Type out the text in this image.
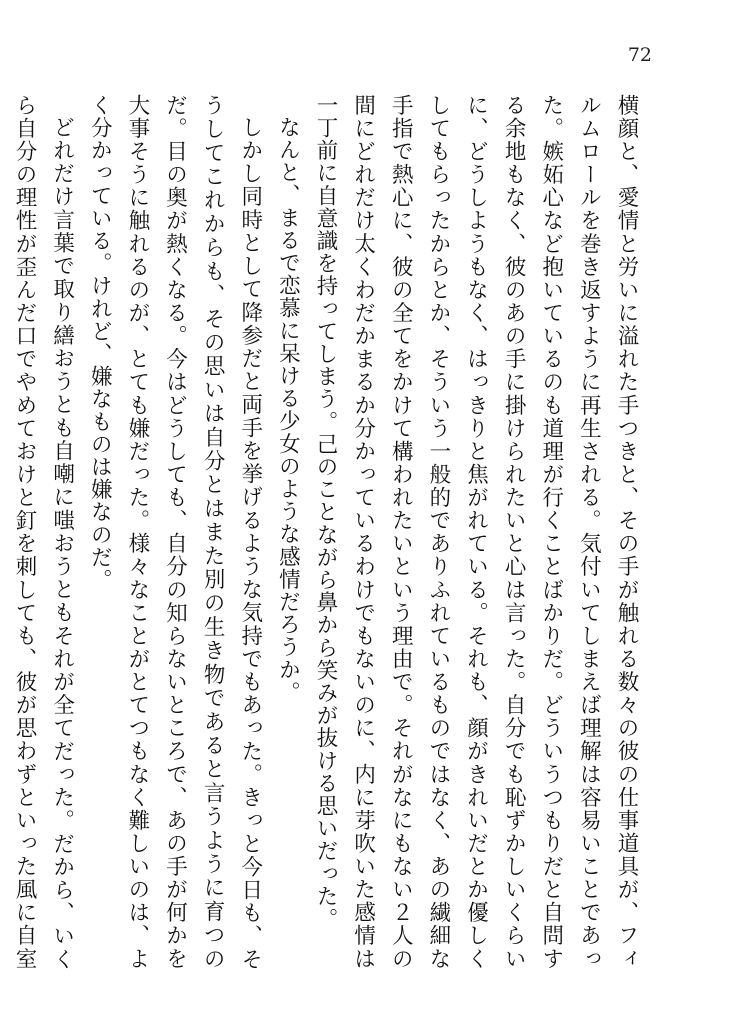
72

横顔と、愛情と労いに溢れた手つきと、その手が触れる数々の彼の仕事道具が、フィルムロールを巻き返すように再生される。気付いてしまえば理解は容易いことであった。嫉妬心など抱いているのも道理が行くことばかりだ。どういうつもりだと自問する余地もなく、彼のあの手に掛けられたいと心は言った。自分でも恥ずかしいくらいに、どうしようもなく、はっきりと焦がれている。それも、顔がきれいだとか優しくしてもらったからとか、そういう一般的でありふれているものではなく、あの繊細な手指で熱心に、彼の全てをかけて構われたいという理由で。それがなにもない２人の間にどれだけ太くわだかまるか分かっているわけでもないのに、内に芽吹いた感情は一丁前に自意識を持ってしまう。己のことながら鼻から笑みが抜ける思いだった。

なんと、まるで恋慕に呆ける少女のような感情だろうか。

しかし同時として降参だと両手を挙げるような気持でもあった。きっと今日も、そうしてこれからも、その思いは自分とはまた別の生き物であると言うように育つのだ。目の奥が熱くなる。今はどうしても、自分の知らないところで、あの手が何かを大事そうに触れるのが、とても嫌だった。様々なことがとてつもなく難しいのは、よく分かっている。けれど、嫌なものは嫌なのだ。

どれだけ言葉で取り繕おうとも自嘲に嗤おうともそれが全てだった。だから、いくら自分の理性が歪んだ口でやめておけと釘を刺しても、彼が思わずといった風に自室
